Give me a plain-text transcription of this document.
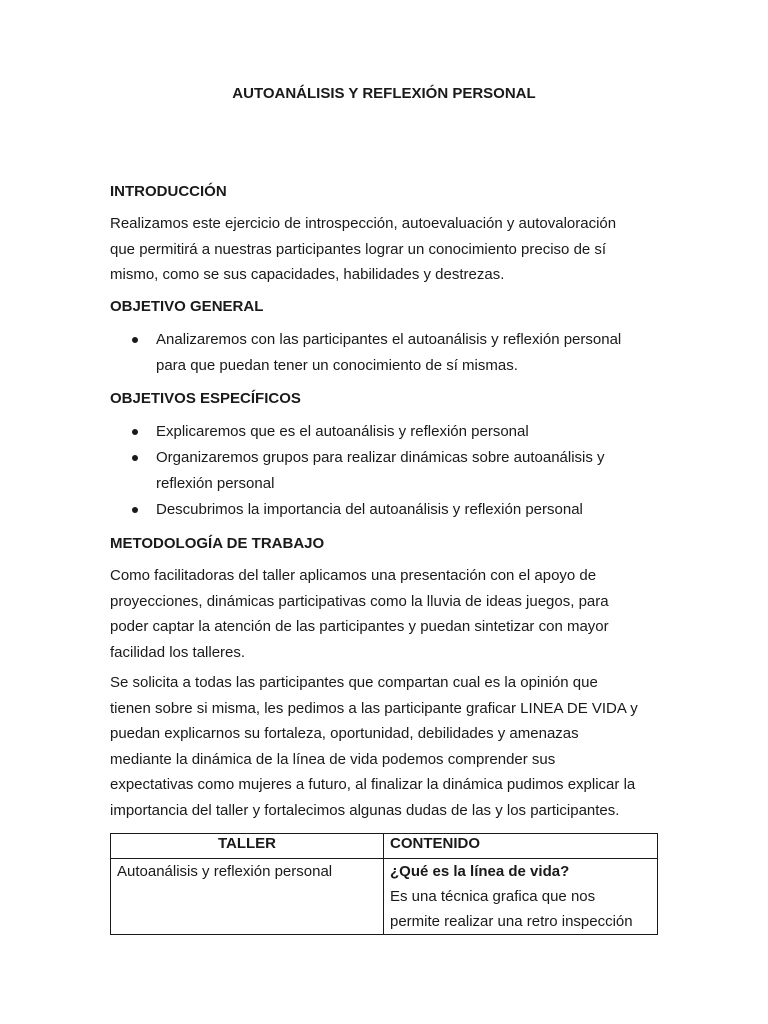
AUTOANÁLISIS Y REFLEXIÓN PERSONAL
INTRODUCCIÓN
Realizamos este ejercicio de introspección, autoevaluación y autovaloración
que permitirá a nuestras participantes lograr un conocimiento preciso de sí
mismo, como se sus capacidades, habilidades y destrezas.
OBJETIVO GENERAL
Analizaremos con las participantes el autoanálisis y reflexión personal
para que puedan tener un conocimiento de sí mismas.
OBJETIVOS ESPECÍFICOS
Explicaremos que es el autoanálisis y reflexión personal
Organizaremos grupos para realizar dinámicas sobre autoanálisis y
reflexión personal
Descubrimos la importancia del autoanálisis y reflexión personal
METODOLOGÍA DE TRABAJO
Como facilitadoras del taller aplicamos una presentación con el apoyo de
proyecciones, dinámicas participativas como la lluvia de ideas juegos, para
poder captar la atención de las participantes y puedan sintetizar con mayor
facilidad los talleres.
Se solicita a todas las participantes que compartan cual es la opinión que
tienen sobre si misma, les pedimos a las participante graficar LINEA DE VIDA y
puedan explicarnos su fortaleza, oportunidad, debilidades y amenazas
mediante la dinámica de la línea de vida podemos comprender sus
expectativas como mujeres a futuro, al finalizar la dinámica pudimos explicar la
importancia del taller y fortalecimos algunas dudas de las y los participantes.
TALLER	CONTENIDO
Autoanálisis y reflexión personal	¿Qué es la línea de vida?
Es una técnica grafica que nos
permite realizar una retro inspección
